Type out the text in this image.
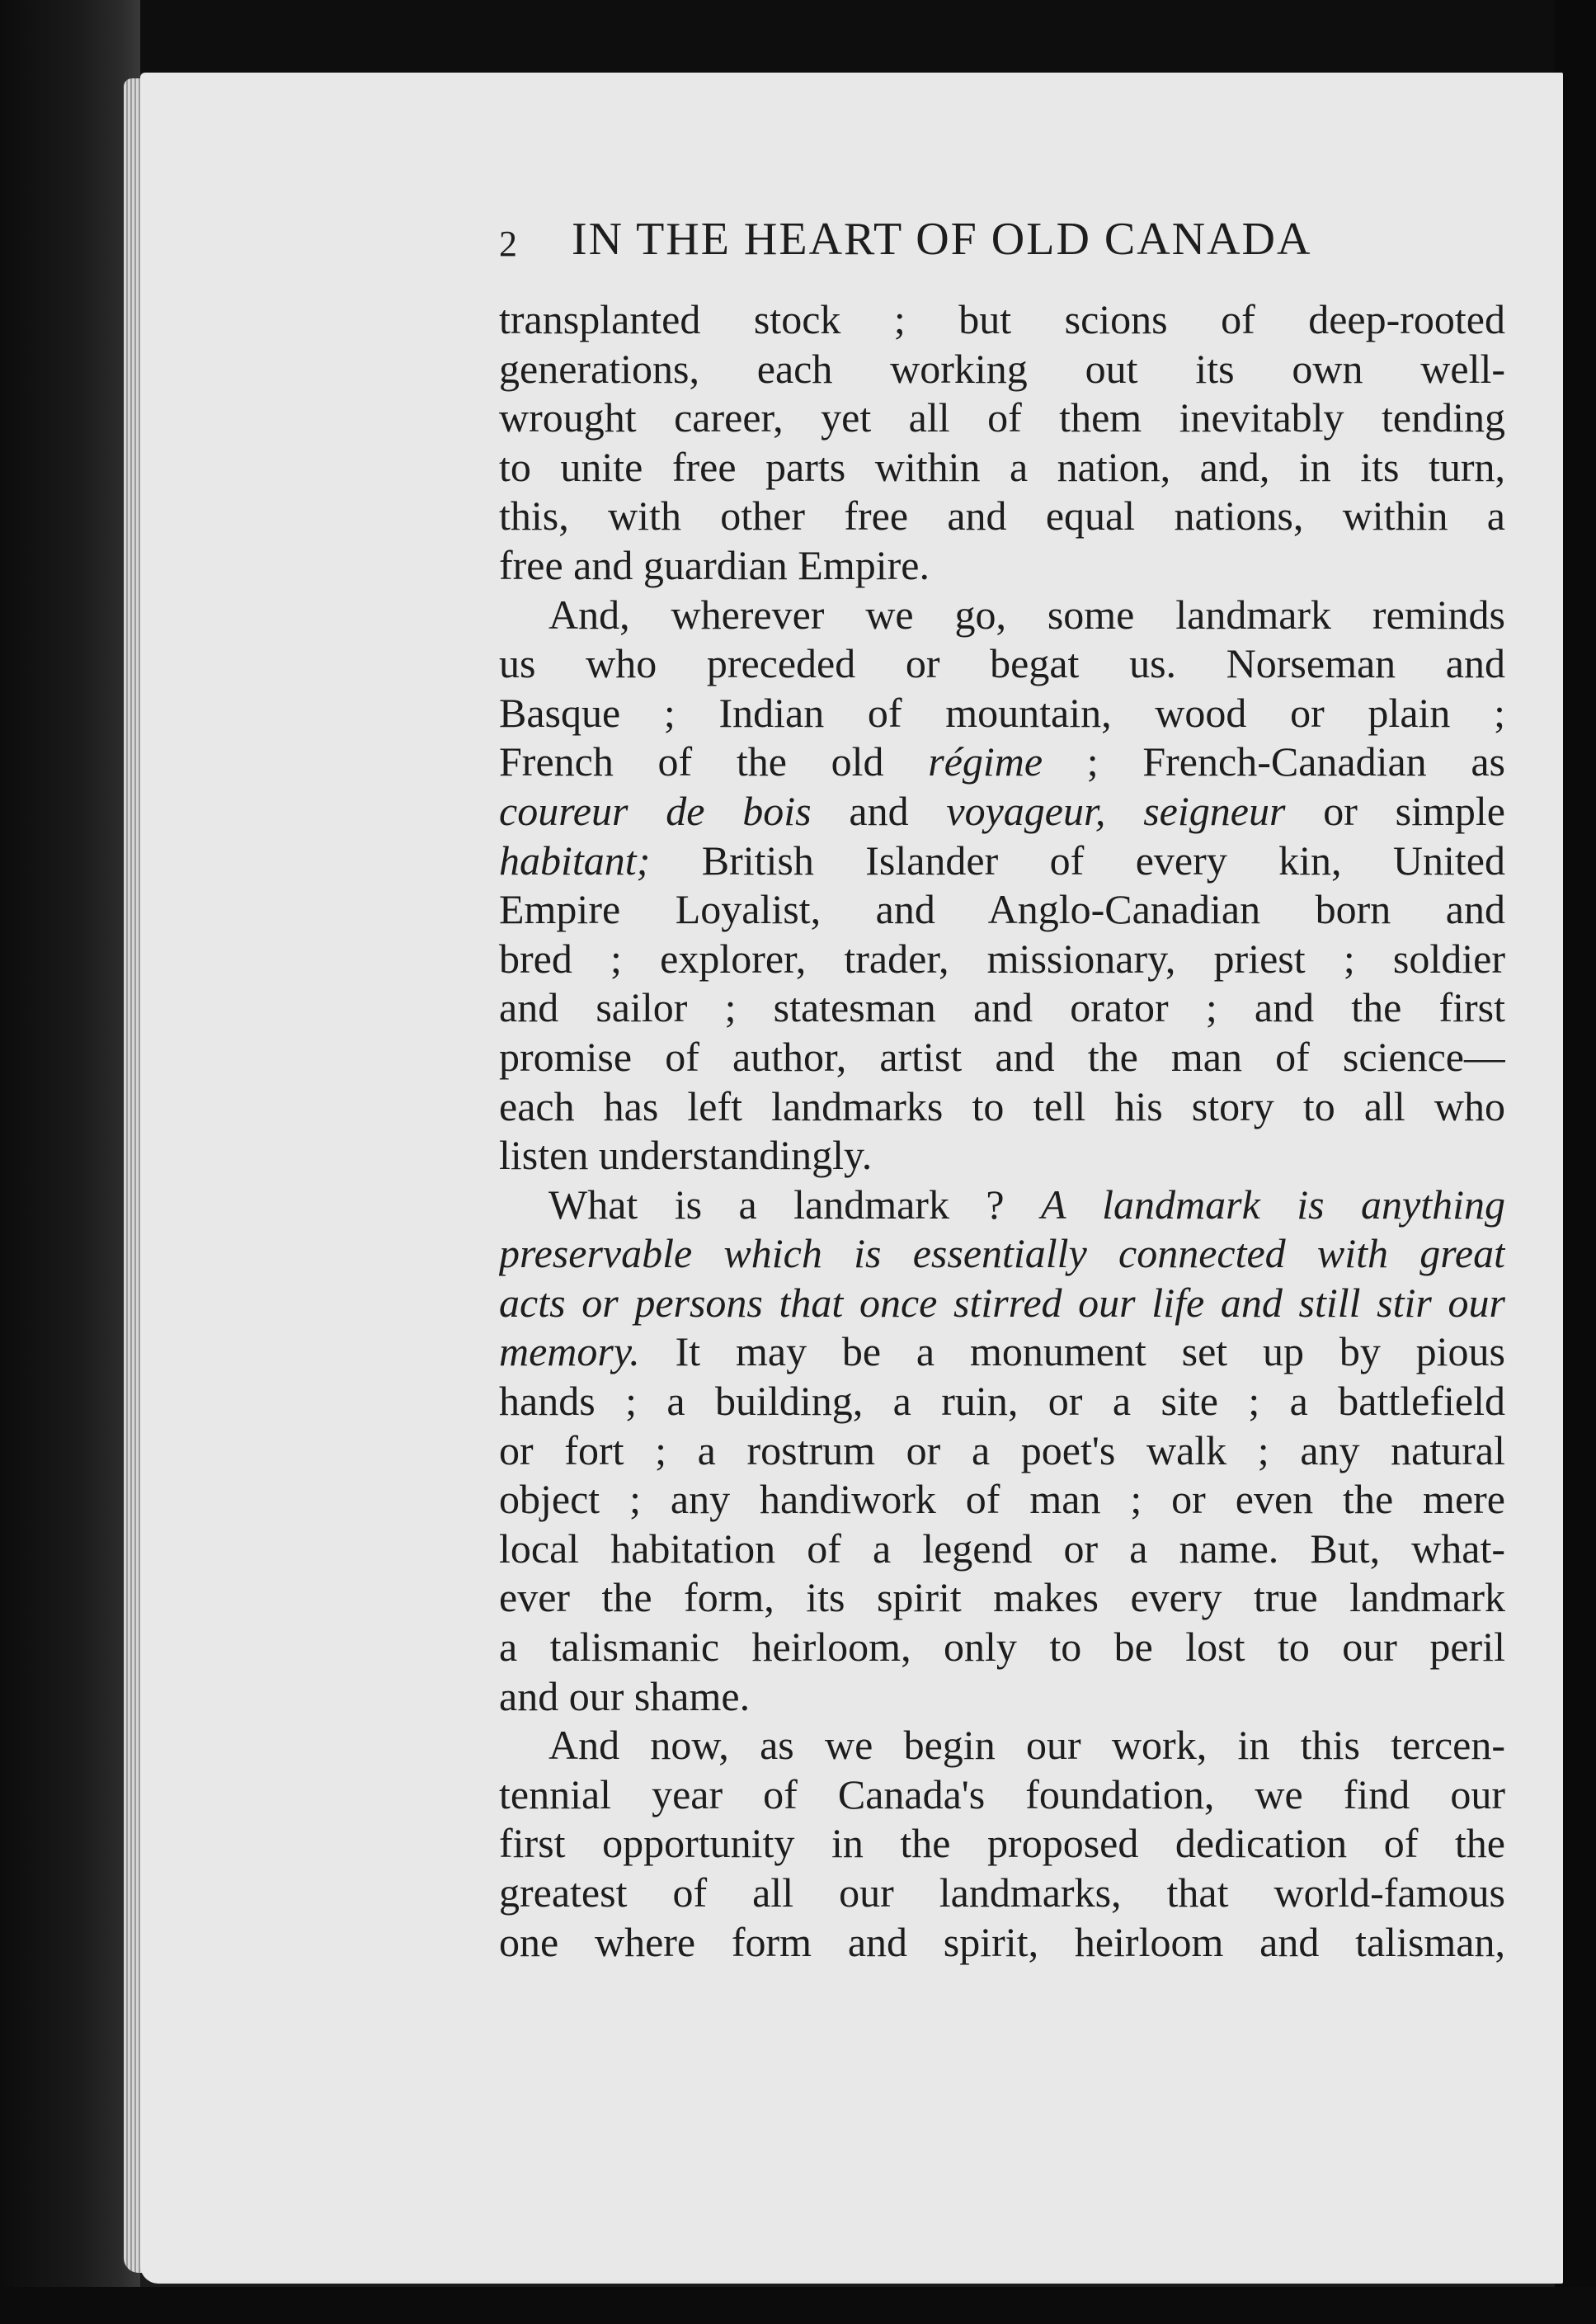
2 IN THE HEART OF OLD CANADA
transplanted stock ; but scions of deep-rooted
generations, each working out its own well-
wrought career, yet all of them inevitably tending
to unite free parts within a nation, and, in its turn,
this, with other free and equal nations, within a
free and guardian Empire.
And, wherever we go, some landmark reminds
us who preceded or begat us. Norseman and
Basque ; Indian of mountain, wood or plain ;
French of the old régime ; French-Canadian as
coureur de bois and voyageur, seigneur or simple
habitant; British Islander of every kin, United
Empire Loyalist, and Anglo-Canadian born and
bred ; explorer, trader, missionary, priest ; soldier
and sailor ; statesman and orator ; and the first
promise of author, artist and the man of science—
each has left landmarks to tell his story to all who
listen understandingly.
What is a landmark ? A landmark is anything
preservable which is essentially connected with great
acts or persons that once stirred our life and still stir our
memory. It may be a monument set up by pious
hands ; a building, a ruin, or a site ; a battlefield
or fort ; a rostrum or a poet's walk ; any natural
object ; any handiwork of man ; or even the mere
local habitation of a legend or a name. But, what-
ever the form, its spirit makes every true landmark
a talismanic heirloom, only to be lost to our peril
and our shame.
And now, as we begin our work, in this tercen-
tennial year of Canada's foundation, we find our
first opportunity in the proposed dedication of the
greatest of all our landmarks, that world-famous
one where form and spirit, heirloom and talisman,
